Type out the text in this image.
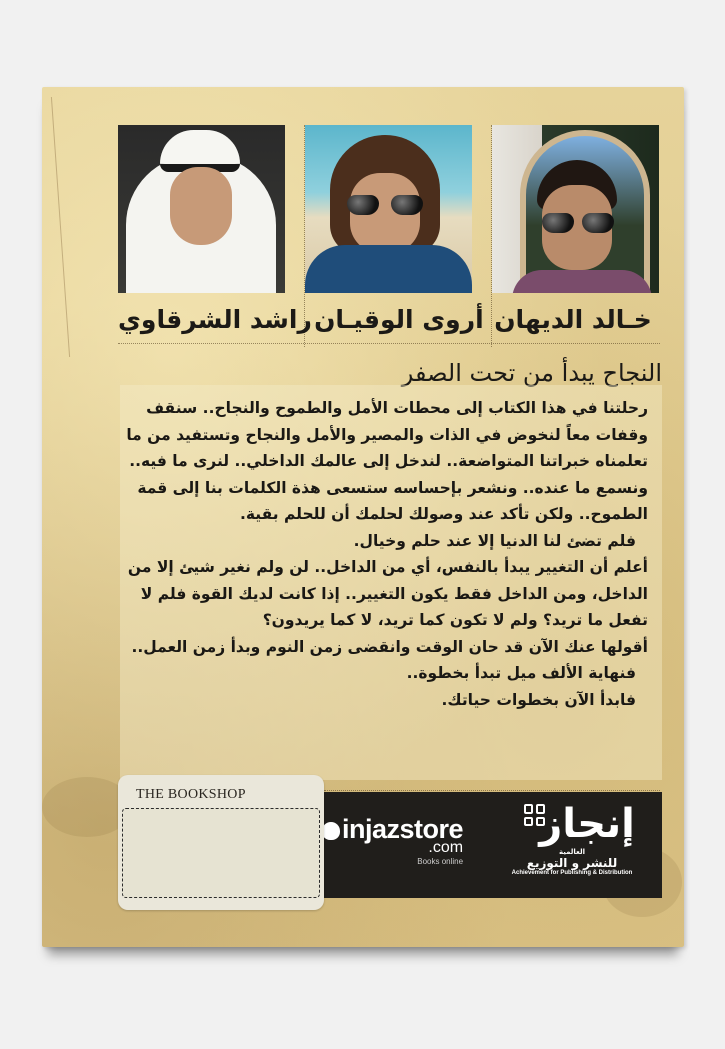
راشد الشرقاوي أروى الوقيـان خـالد الديهان
النجاح يبدأ من تحت الصفر

رحلتنا في هذا الكتاب إلى محطات الأمل والطموح والنجاح.. سنقف وقفات معاً لنخوض في الذات والمصير والأمل والنجاح وتستفيد من ما تعلمناه خبراتنا المتواضعة.. لندخل إلى عالمك الداخلي.. لنرى ما فيه.. ونسمع ما عنده.. ونشعر بإحساسه ستسعى هذة الكلمات بنا إلى قمة الطموح.. ولكن تأكد عند وصولك لحلمك أن للحلم بقية.

فلم تضئ لنا الدنيا إلا عند حلم وخيال.

أعلم أن التغيير يبدأ بالنفس، أي من الداخل.. لن ولم نغير شيئ إلا من الداخل، ومن الداخل فقط يكون التغيير.. إذا كانت لديك القوة فلم لا تفعل ما تريد؟ ولم لا تكون كما تريد، لا كما يريدون؟

أقولها عنك الآن قد حان الوقت وانقضى زمن النوم وبدأ زمن العمل..

فنهاية الألف ميل تبدأ بخطوة..

فابدأ الآن بخطوات حياتك.

injazstore
.com
Books online
إنجاز
العالمية
للنشر و التوزيع
Achievement for Publishing & Distribution
THE BOOKSHOP
